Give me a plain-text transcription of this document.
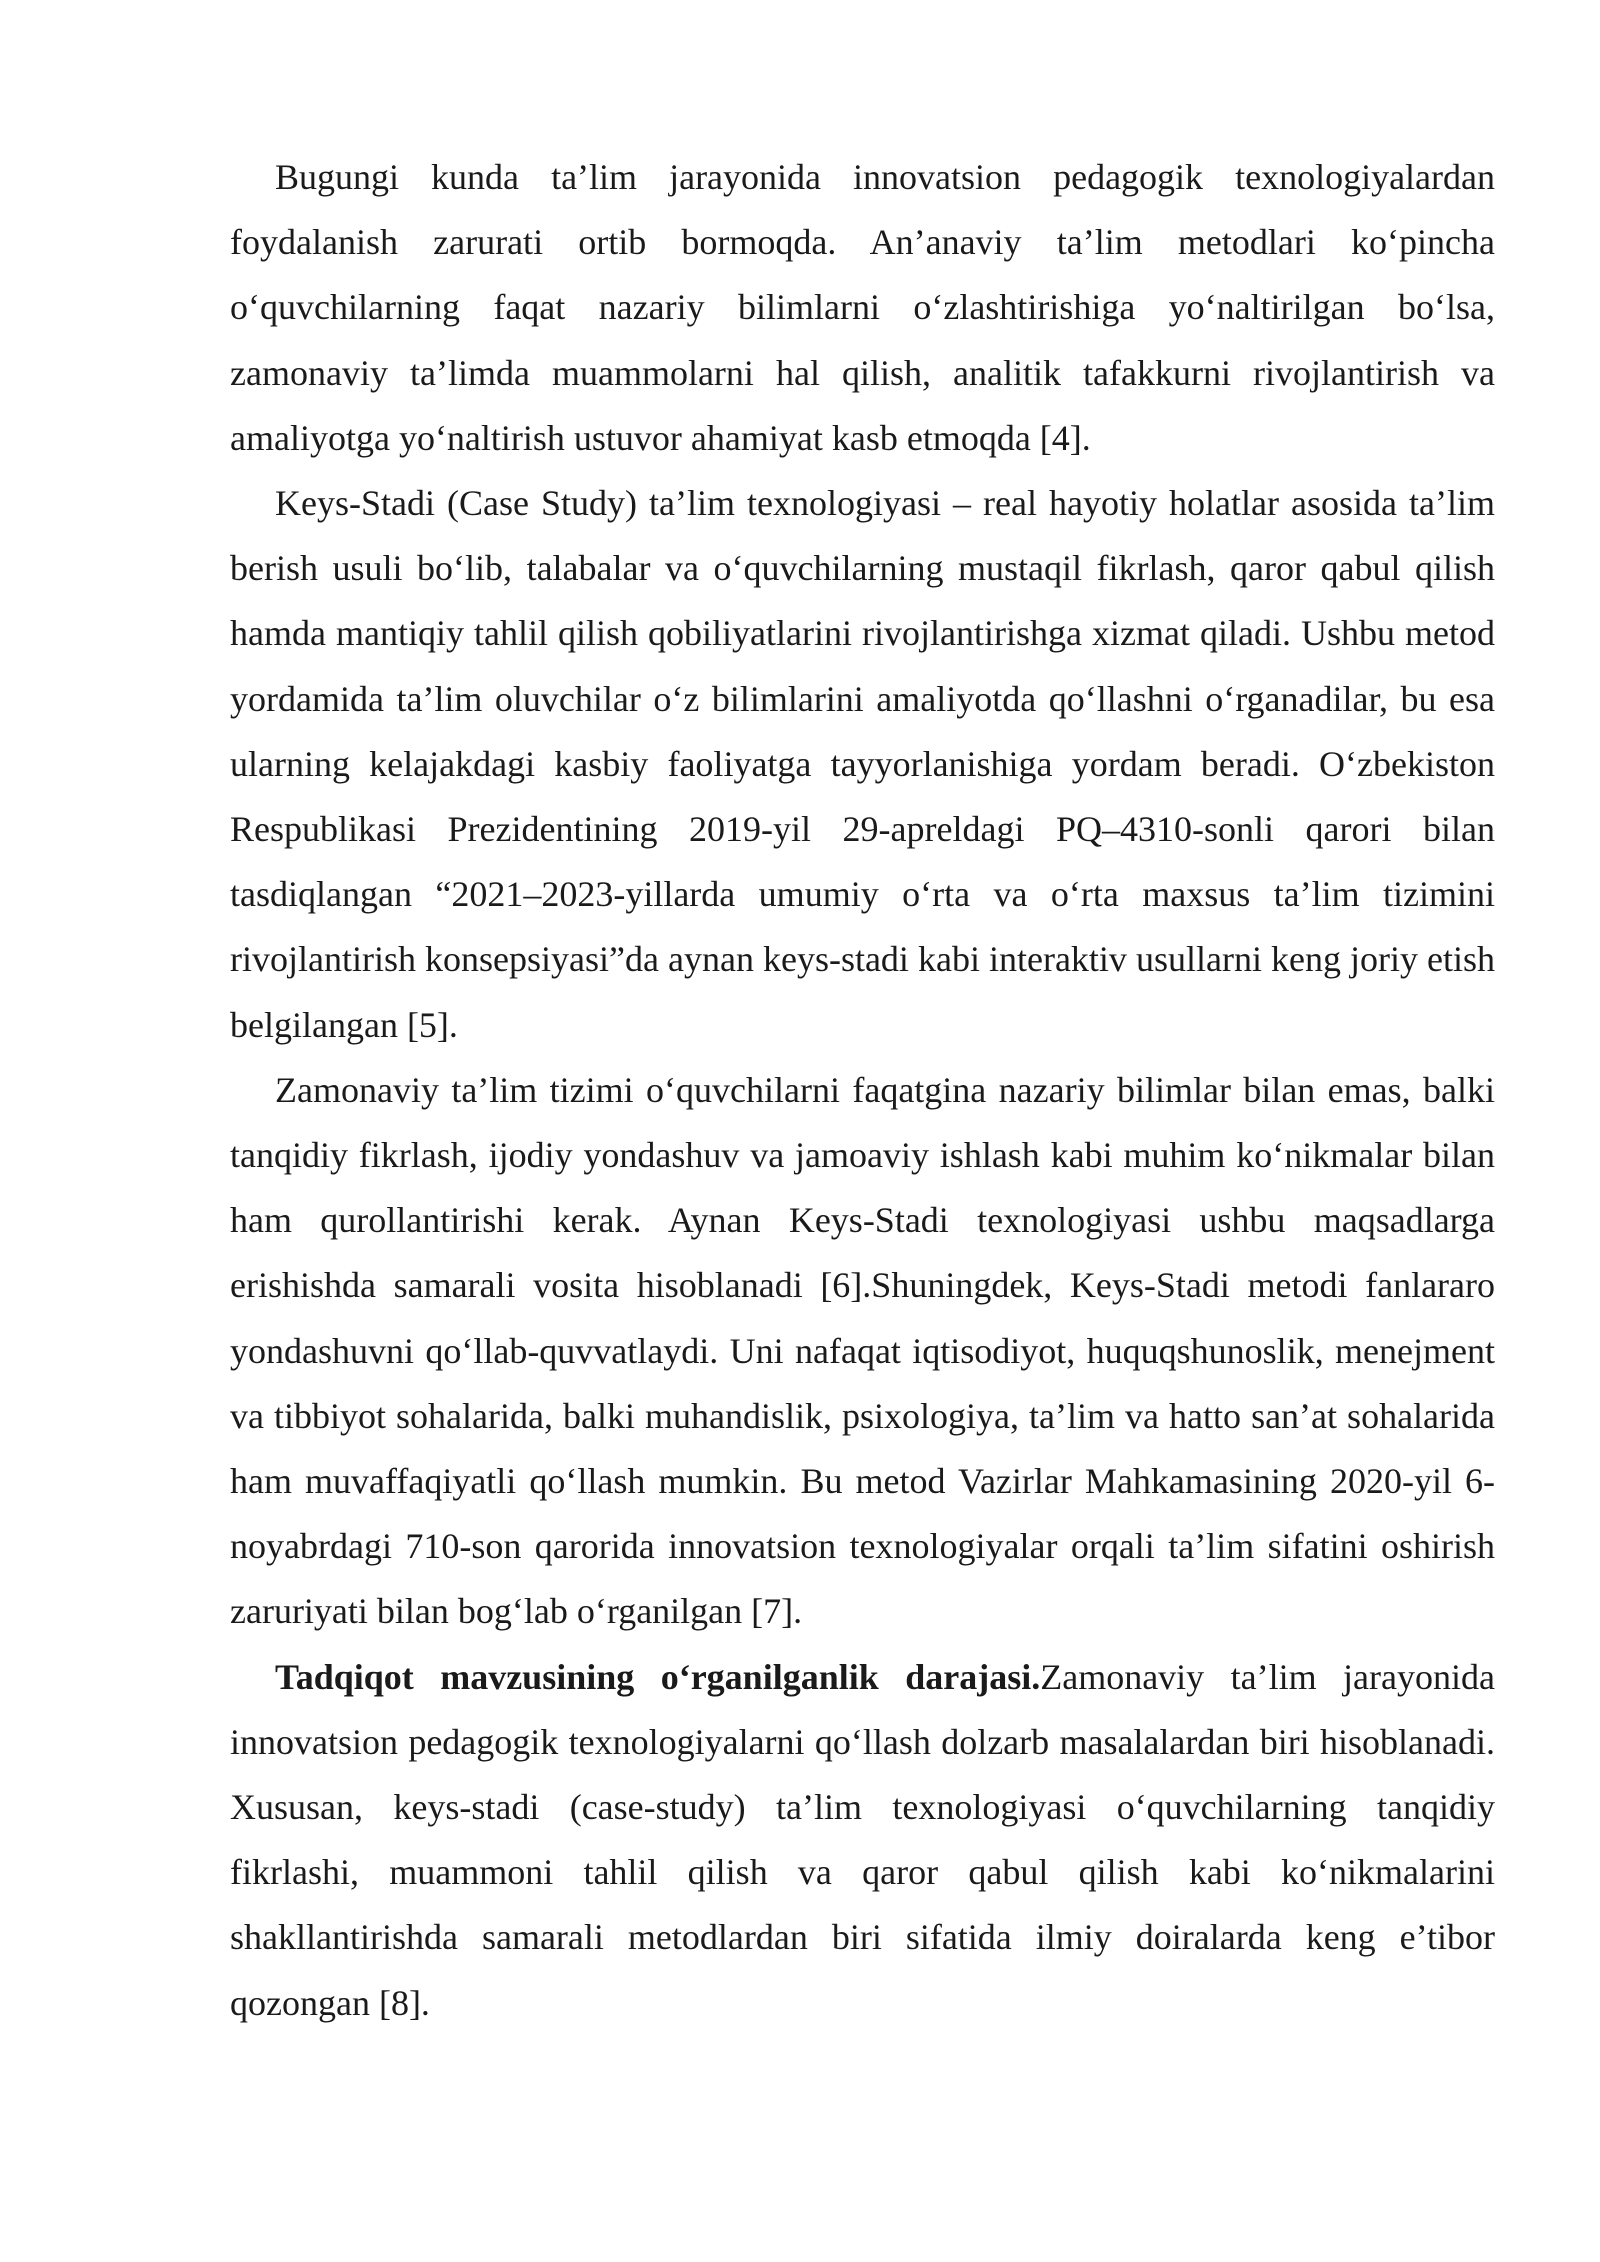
Bugungi kunda ta’lim jarayonida innovatsion pedagogik texnologiyalardan foydalanish zarurati ortib bormoqda. An’anaviy ta’lim metodlari ko‘pincha o‘quvchilarning faqat nazariy bilimlarni o‘zlashtirishiga yo‘naltirilgan bo‘lsa, zamonaviy ta’limda muammolarni hal qilish, analitik tafakkurni rivojlantirish va amaliyotga yo‘naltirish ustuvor ahamiyat kasb etmoqda [4].

Keys-Stadi (Case Study) ta’lim texnologiyasi – real hayotiy holatlar asosida ta’lim berish usuli bo‘lib, talabalar va o‘quvchilarning mustaqil fikrlash, qaror qabul qilish hamda mantiqiy tahlil qilish qobiliyatlarini rivojlantirishga xizmat qiladi. Ushbu metod yordamida ta’lim oluvchilar o‘z bilimlarini amaliyotda qo‘llashni o‘rganadilar, bu esa ularning kelajakdagi kasbiy faoliyatga tayyorlanishiga yordam beradi. O‘zbekiston Respublikasi Prezidentining 2019-yil 29-apreldagi PQ–4310-sonli qarori bilan tasdiqlangan “2021–2023-yillarda umumiy o‘rta va o‘rta maxsus ta’lim tizimini rivojlantirish konsepsiyasi”da aynan keys-stadi kabi interaktiv usullarni keng joriy etish belgilangan [5].

Zamonaviy ta’lim tizimi o‘quvchilarni faqatgina nazariy bilimlar bilan emas, balki tanqidiy fikrlash, ijodiy yondashuv va jamoaviy ishlash kabi muhim ko‘nikmalar bilan ham qurollantirishi kerak. Aynan Keys-Stadi texnologiyasi ushbu maqsadlarga erishishda samarali vosita hisoblanadi [6].Shuningdek, Keys-Stadi metodi fanlararo yondashuvni qo‘llab-quvvatlaydi. Uni nafaqat iqtisodiyot, huquqshunoslik, menejment va tibbiyot sohalarida, balki muhandislik, psixologiya, ta’lim va hatto san’at sohalarida ham muvaffaqiyatli qo‘llash mumkin. Bu metod Vazirlar Mahkamasining 2020-yil 6-noyabrdagi 710-son qarorida innovatsion texnologiyalar orqali ta’lim sifatini oshirish zaruriyati bilan bog‘lab o‘rganilgan [7].

Tadqiqot mavzusining o‘rganilganlik darajasi.Zamonaviy ta’lim jarayonida innovatsion pedagogik texnologiyalarni qo‘llash dolzarb masalalardan biri hisoblanadi. Xususan, keys-stadi (case-study) ta’lim texnologiyasi o‘quvchilarning tanqidiy fikrlashi, muammoni tahlil qilish va qaror qabul qilish kabi ko‘nikmalarini shakllantirishda samarali metodlardan biri sifatida ilmiy doiralarda keng e’tibor qozongan [8].
